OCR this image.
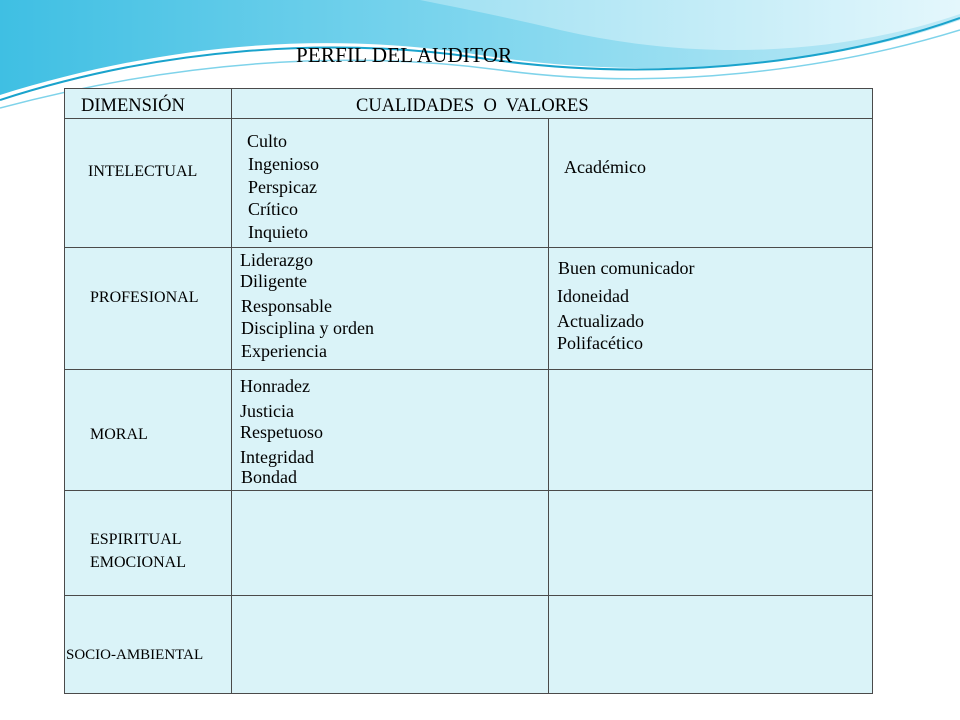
PERFIL DEL AUDITOR
DIMENSIÓN	CUALIDADES  O  VALORES
INTELECTUAL
Culto
Ingenioso
Perspicaz
Crítico
Inquieto
Académico
PROFESIONAL
Liderazgo
Diligente
Responsable
Disciplina y orden
Experiencia
Buen comunicador
Idoneidad
Actualizado
Polifacético
MORAL
Honradez
Justicia
Respetuoso
Integridad
Bondad
ESPIRITUAL
EMOCIONAL
SOCIO-AMBIENTAL
